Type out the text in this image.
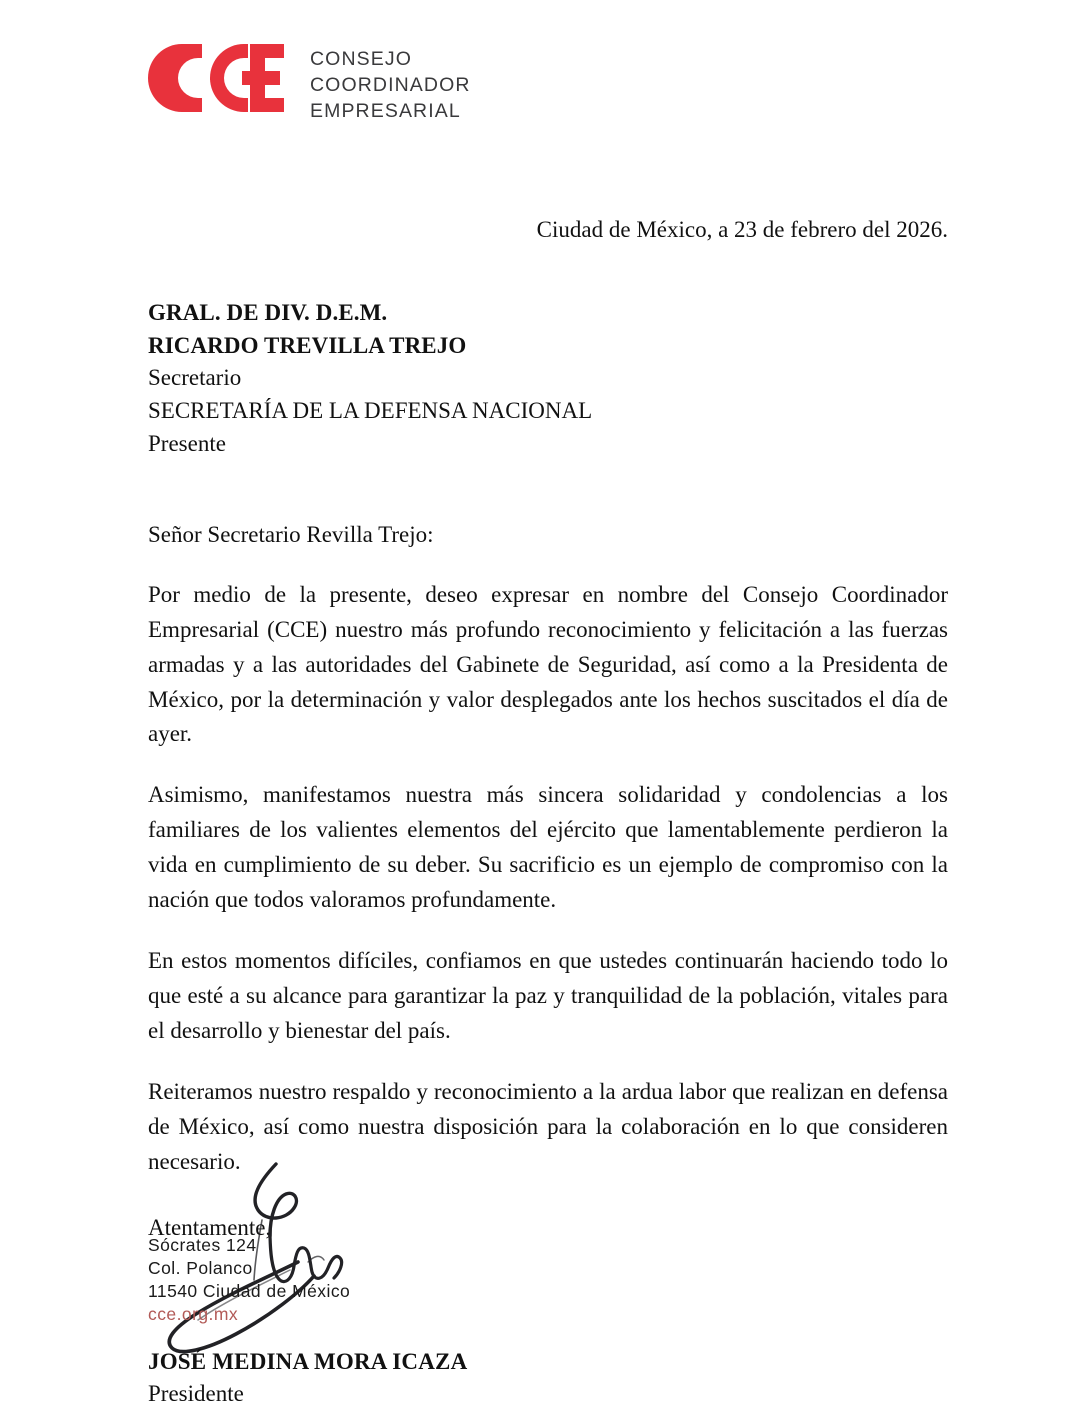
CONSEJO
COORDINADOR
EMPRESARIAL
Ciudad de México, a 23 de febrero del 2026.
GRAL. DE DIV. D.E.M.
RICARDO TREVILLA TREJO
Secretario
SECRETARÍA DE LA DEFENSA NACIONAL
Presente
Señor Secretario Revilla Trejo:

Por medio de la presente, deseo expresar en nombre del Consejo Coordinador Empresarial (CCE) nuestro más profundo reconocimiento y felicitación a las fuerzas armadas y a las autoridades del Gabinete de Seguridad, así como a la Presidenta de México, por la determinación y valor desplegados ante los hechos suscitados el día de ayer.

Asimismo, manifestamos nuestra más sincera solidaridad y condolencias a los familiares de los valientes elementos del ejército que lamentablemente perdieron la vida en cumplimiento de su deber. Su sacrificio es un ejemplo de compromiso con la nación que todos valoramos profundamente.

En estos momentos difíciles, confiamos en que ustedes continuarán haciendo todo lo que esté a su alcance para garantizar la paz y tranquilidad de la población, vitales para el desarrollo y bienestar del país.

Reiteramos nuestro respaldo y reconocimiento a la ardua labor que realizan en defensa de México, así como nuestra disposición para la colaboración en lo que consideren necesario.

Atentamente,
JOSÉ MEDINA MORA ICAZA
Presidente
Sócrates 124
Col. Polanco
11540 Ciudad de México
cce.org.mx
